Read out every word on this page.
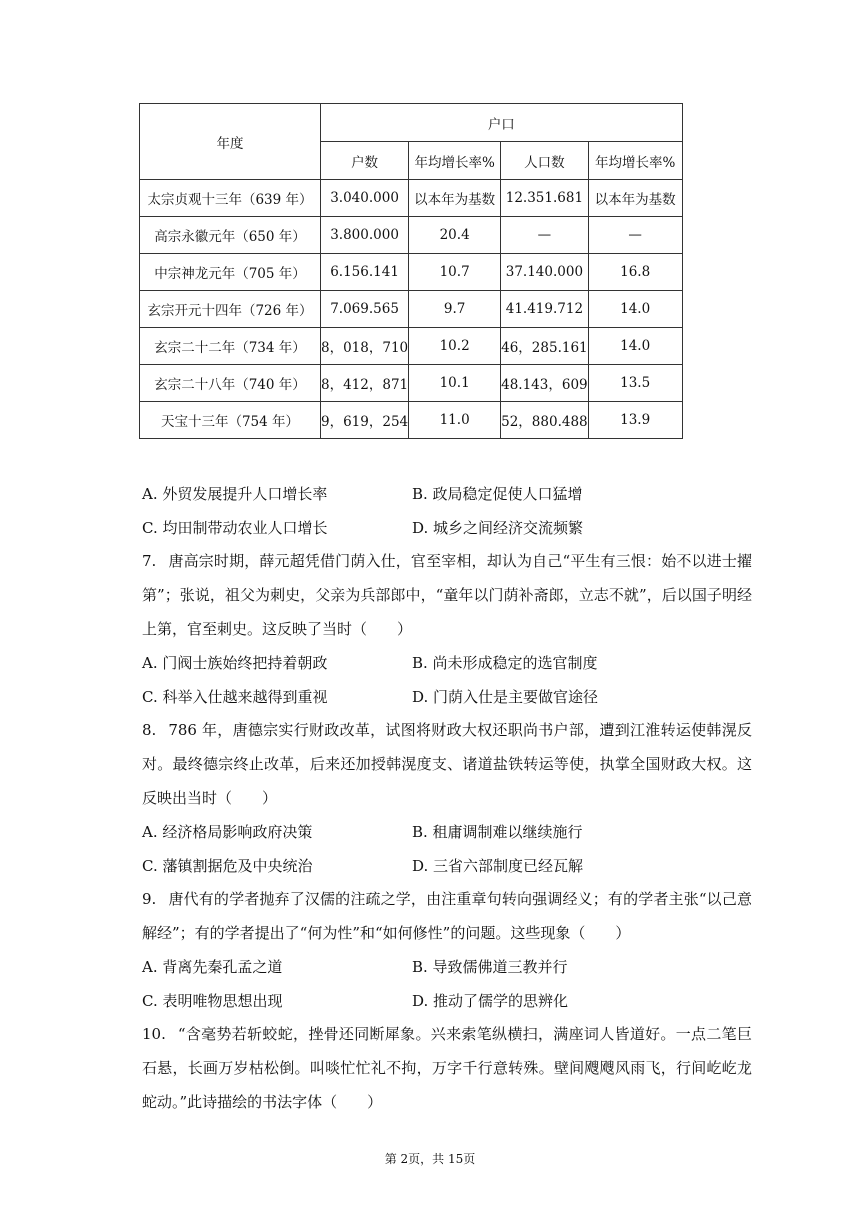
年度	户口			
	户数	年均增长率%	人口数	年均增长率%
太宗贞观十三年（639 年）	3.040.000	以本年为基数	12.351.681	以本年为基数
高宗永徽元年（650 年）	3.800.000	20.4	—	—
中宗神龙元年（705 年）	6.156.141	10.7	37.140.000	16.8
玄宗开元十四年（726 年）	7.069.565	9.7	41.419.712	14.0
玄宗二十二年（734 年）	8，018，710	10.2	46，285.161	14.0
玄宗二十八年（740 年）	8，412，871	10.1	48.143，609	13.5
天宝十三年（754 年）	9，619，254	11.0	52，880.488	13.9
A. 外贸发展提升人口增长率	B. 政局稳定促使人口猛增
C. 均田制带动农业人口增长	D. 城乡之间经济交流频繁
7. 唐高宗时期，薛元超凭借门荫入仕，官至宰相，却认为自己“平生有三恨：始不以进士擢第”；张说，祖父为刺史，父亲为兵部郎中，“童年以门荫补斋郎，立志不就”，后以国子明经上第，官至刺史。这反映了当时（　　）
A. 门阀士族始终把持着朝政	B. 尚未形成稳定的选官制度
C. 科举入仕越来越得到重视	D. 门荫入仕是主要做官途径
8. 786 年，唐德宗实行财政改革，试图将财政大权还职尚书户部，遭到江淮转运使韩滉反对。最终德宗终止改革，后来还加授韩滉度支、诸道盐铁转运等使，执掌全国财政大权。这反映出当时（　　）
A. 经济格局影响政府决策	B. 租庸调制难以继续施行
C. 藩镇割据危及中央统治	D. 三省六部制度已经瓦解
9. 唐代有的学者抛弃了汉儒的注疏之学，由注重章句转向强调经义；有的学者主张“以己意解经”；有的学者提出了“何为性”和“如何修性”的问题。这些现象（　　）
A. 背离先秦孔孟之道	B. 导致儒佛道三教并行
C. 表明唯物思想出现	D. 推动了儒学的思辨化
10. “含毫势若斩蛟蛇，挫骨还同断犀象。兴来索笔纵横扫，满座词人皆道好。一点二笔巨石悬，长画万岁枯松倒。叫啖忙忙礼不拘，万字千行意转殊。壁间飕飕风雨飞，行间屹屹龙蛇动。”此诗描绘的书法字体（　　）
第 2页，共 15页
